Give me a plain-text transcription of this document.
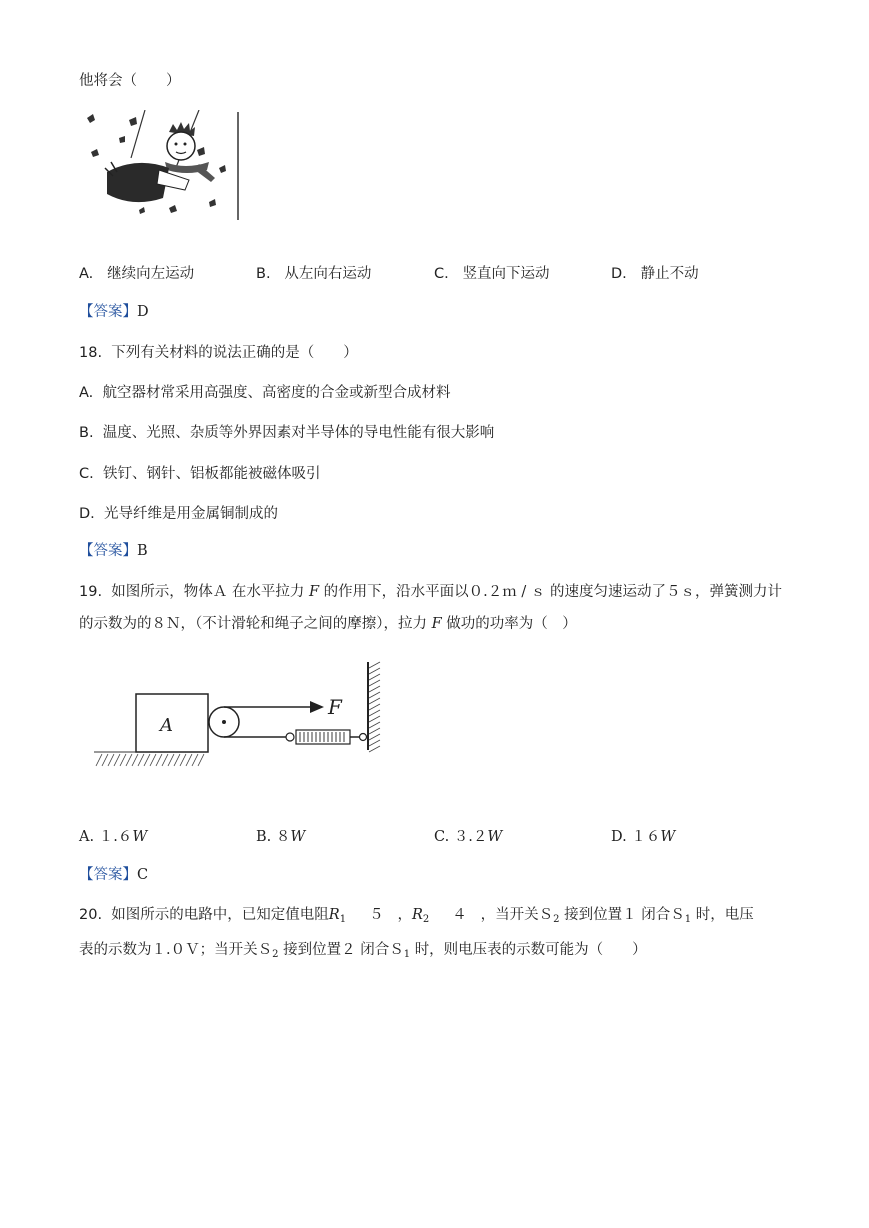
他将会（　　）
A. 继续向左运动	B. 从左向右运动	C. 竖直向下运动	D. 静止不动
【答案】D
18. 下列有关材料的说法正确的是（　　）
A. 航空器材常采用高强度、高密度的合金或新型合成材料
B. 温度、光照、杂质等外界因素对半导体的导电性能有很大影响
C. 铁钉、钢针、铝板都能被磁体吸引
D. 光导纤维是用金属铜制成的
【答案】B
19. 如图所示，物体Ａ 在水平拉力 F 的作用下，沿水平面以０.２ｍ / ｓ 的速度匀速运动了５ｓ，弹簧测力计
的示数为的８Ｎ，（不计滑轮和绳子之间的摩擦），拉力 F 做功的功率为（　）
A
F
A. １.６W	B. ８W	C. ３.２W	D. １６W
【答案】C
20. 如图所示的电路中，已知定值电阻$R_1$ ５   ，$R_2$ ４ ，当开关Ｓ$_2$ 接到位置１ 闭合Ｓ$_1$ 时，电压
表的示数为１.０Ｖ；当开关Ｓ$_2$ 接到位置２ 闭合Ｓ$_1$ 时，则电压表的示数可能为（　　）
